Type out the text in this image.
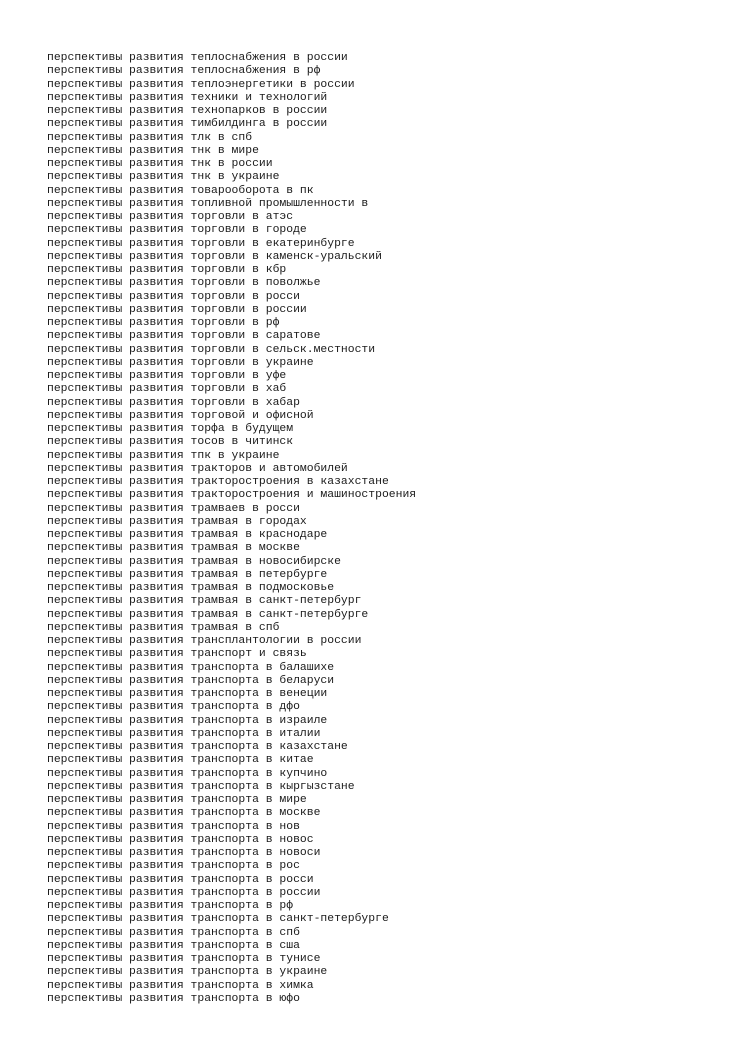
перспективы развития теплоснабжения в россии
перспективы развития теплоснабжения в рф
перспективы развития теплоэнергетики в россии
перспективы развития техники и технологий
перспективы развития технопарков в россии
перспективы развития тимбилдинга в россии
перспективы развития тлк в спб
перспективы развития тнк в мире
перспективы развития тнк в россии
перспективы развития тнк в украине
перспективы развития товарооборота в пк
перспективы развития топливной промышленности в
перспективы развития торговли в атэс
перспективы развития торговли в городе
перспективы развития торговли в екатеринбурге
перспективы развития торговли в каменск-уральский
перспективы развития торговли в кбр
перспективы развития торговли в поволжье
перспективы развития торговли в росси
перспективы развития торговли в россии
перспективы развития торговли в рф
перспективы развития торговли в саратове
перспективы развития торговли в сельск.местности
перспективы развития торговли в украине
перспективы развития торговли в уфе
перспективы развития торговли в хаб
перспективы развития торговли в хабар
перспективы развития торговой и офисной
перспективы развития торфа в будущем
перспективы развития тосов в читинск
перспективы развития тпк в украине
перспективы развития тракторов и автомобилей
перспективы развития тракторостроения в казахстане
перспективы развития тракторостроения и машиностроения
перспективы развития трамваев в росси
перспективы развития трамвая в городах
перспективы развития трамвая в краснодаре
перспективы развития трамвая в москве
перспективы развития трамвая в новосибирске
перспективы развития трамвая в петербурге
перспективы развития трамвая в подмосковье
перспективы развития трамвая в санкт-петербург
перспективы развития трамвая в санкт-петербурге
перспективы развития трамвая в спб
перспективы развития трансплантологии в россии
перспективы развития транспорт и связь
перспективы развития транспорта в балашихе
перспективы развития транспорта в беларуси
перспективы развития транспорта в венеции
перспективы развития транспорта в дфо
перспективы развития транспорта в израиле
перспективы развития транспорта в италии
перспективы развития транспорта в казахстане
перспективы развития транспорта в китае
перспективы развития транспорта в купчино
перспективы развития транспорта в кыргызстане
перспективы развития транспорта в мире
перспективы развития транспорта в москве
перспективы развития транспорта в нов
перспективы развития транспорта в новос
перспективы развития транспорта в новоси
перспективы развития транспорта в рос
перспективы развития транспорта в росси
перспективы развития транспорта в россии
перспективы развития транспорта в рф
перспективы развития транспорта в санкт-петербурге
перспективы развития транспорта в спб
перспективы развития транспорта в сша
перспективы развития транспорта в тунисе
перспективы развития транспорта в украине
перспективы развития транспорта в химка
перспективы развития транспорта в юфо
